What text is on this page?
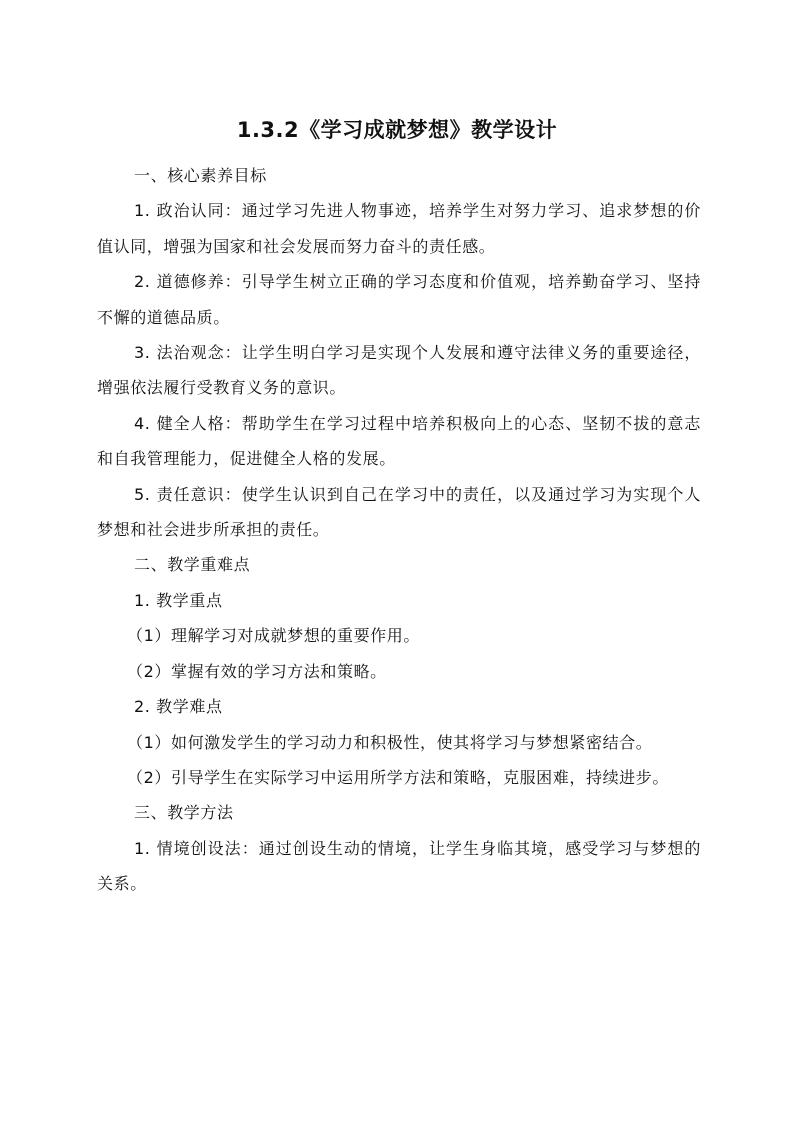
1.3.2《学习成就梦想》教学设计

一、核心素养目标

1. 政治认同：通过学习先进人物事迹，培养学生对努力学习、追求梦想的价值认同，增强为国家和社会发展而努力奋斗的责任感。

2. 道德修养：引导学生树立正确的学习态度和价值观，培养勤奋学习、坚持不懈的道德品质。

3. 法治观念：让学生明白学习是实现个人发展和遵守法律义务的重要途径，增强依法履行受教育义务的意识。

4. 健全人格：帮助学生在学习过程中培养积极向上的心态、坚韧不拔的意志和自我管理能力，促进健全人格的发展。

5. 责任意识：使学生认识到自己在学习中的责任，以及通过学习为实现个人梦想和社会进步所承担的责任。

二、教学重难点

1. 教学重点

（1）理解学习对成就梦想的重要作用。

（2）掌握有效的学习方法和策略。

2. 教学难点

（1）如何激发学生的学习动力和积极性，使其将学习与梦想紧密结合。

（2）引导学生在实际学习中运用所学方法和策略，克服困难，持续进步。

三、教学方法

1. 情境创设法：通过创设生动的情境，让学生身临其境，感受学习与梦想的关系。
